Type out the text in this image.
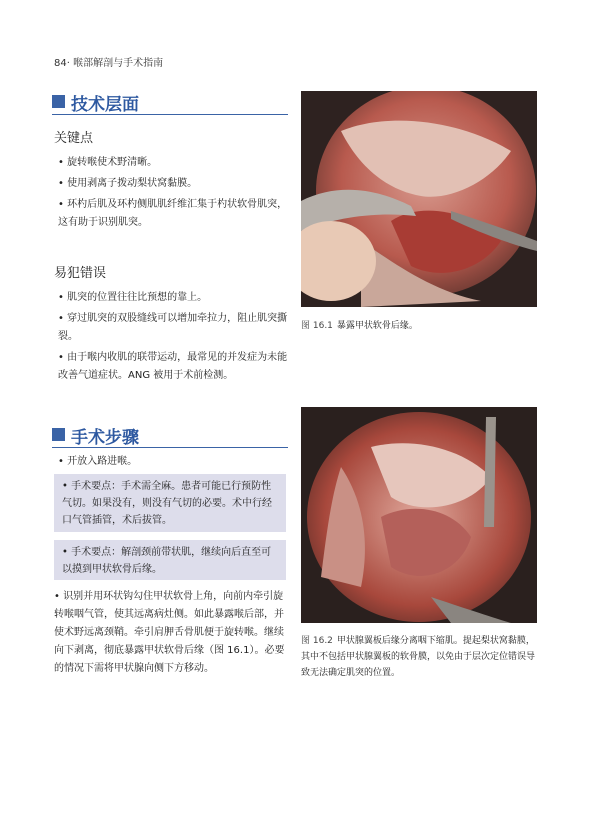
84· 喉部解剖与手术指南
技术层面
关键点
• 旋转喉使术野清晰。
• 使用剥离子拨动梨状窝黏膜。
• 环杓后肌及环杓侧肌肌纤维汇集于杓状软骨肌突，这有助于识别肌突。
易犯错误
• 肌突的位置往往比预想的靠上。
• 穿过肌突的双股缝线可以增加牵拉力，阻止肌突撕裂。
• 由于喉内收肌的联带运动，最常见的并发症为未能改善气道症状。ANG 被用于术前检测。
手术步骤
• 开放入路进喉。
• 手术要点：手术需全麻。患者可能已行预防性气切。如果没有，则没有气切的必要。术中行经口气管插管，术后拔管。
• 手术要点：解剖颈前带状肌，继续向后直至可以摸到甲状软骨后缘。
• 识别并用环状钩勾住甲状软骨上角，向前内牵引旋转喉咽气管，使其远离病灶侧。如此暴露喉后部，并使术野远离颈鞘。牵引肩胛舌骨肌便于旋转喉。继续向下剥离，彻底暴露甲状软骨后缘（图 16.1）。必要的情况下需将甲状腺向侧下方移动。
图 16.1 暴露甲状软骨后缘。
图 16.2 甲状腺翼板后缘分离咽下缩肌。提起梨状窝黏膜，其中不包括甲状腺翼板的软骨膜，以免由于层次定位错误导致无法确定肌突的位置。
